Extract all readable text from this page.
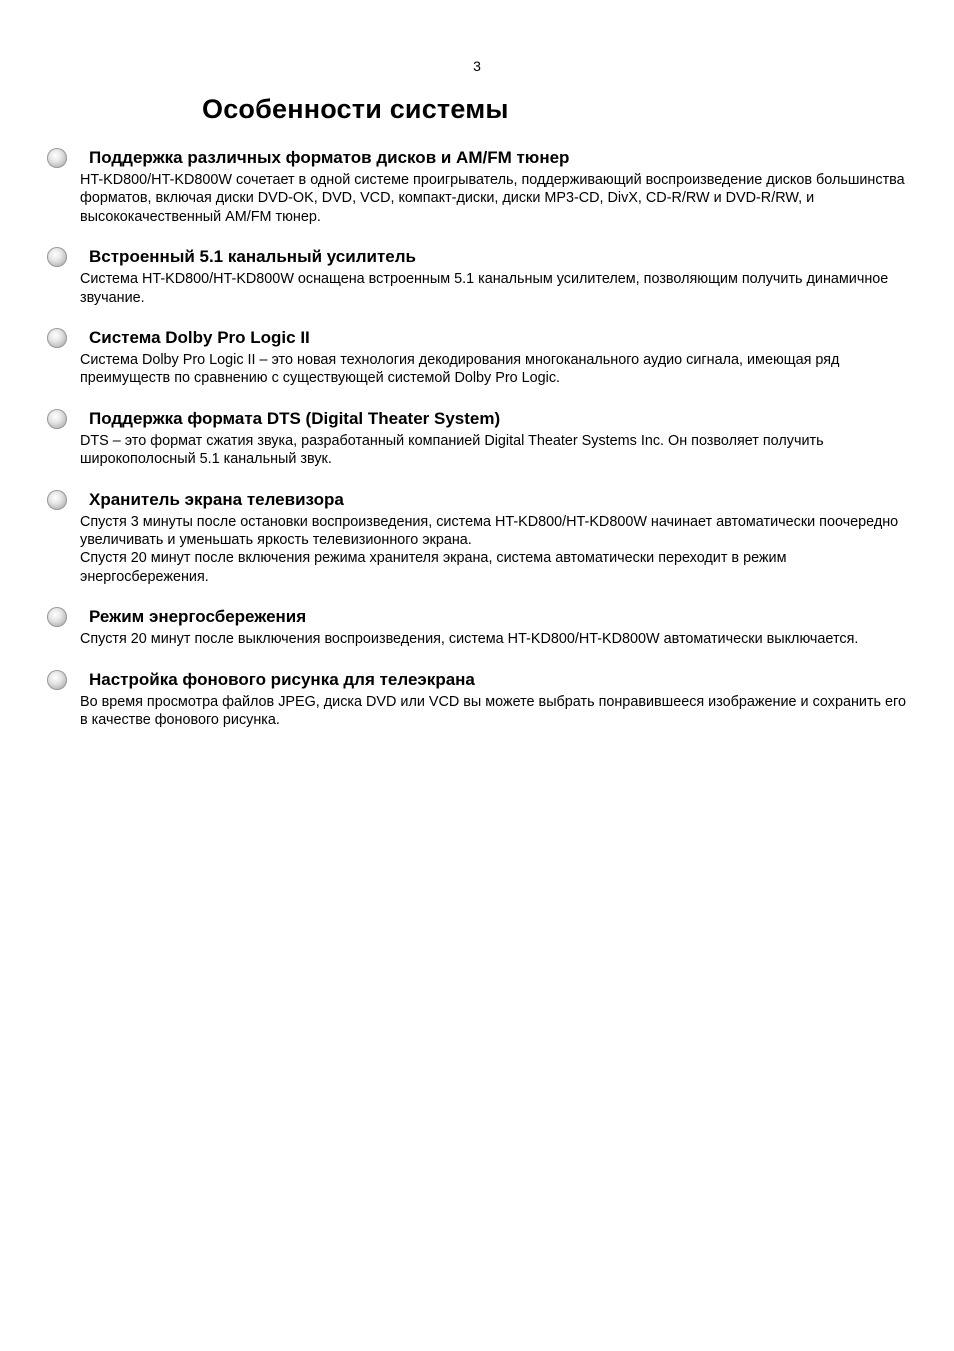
3
Особенности системы
Поддержка различных форматов дисков и AM/FM тюнер

HT-KD800/HT-KD800W сочетает в одной системе проигрыватель, поддерживающий воспроизведение дисков большинства форматов, включая диски DVD-OK, DVD, VCD, компакт-диски, диски MP3-CD, DivX, CD-R/RW и DVD-R/RW, и высококачественный AM/FM тюнер.

Встроенный 5.1 канальный усилитель

Система HT-KD800/HT-KD800W оснащена встроенным 5.1 канальным усилителем, позволяющим получить динамичное звучание.

Система Dolby Pro Logic II

Система Dolby Pro Logic II – это новая технология декодирования многоканального аудио сигнала, имеющая ряд преимуществ по сравнению с существующей системой Dolby Pro Logic.

Поддержка формата DTS (Digital Theater System)

DTS – это формат сжатия звука, разработанный компанией Digital Theater Systems Inc. Он позволяет получить широкополосный 5.1 канальный звук.

Хранитель экрана телевизора

Спустя 3 минуты после остановки воспроизведения, система HT-KD800/HT-KD800W начинает автоматически поочередно увеличивать и уменьшать яркость телевизионного экрана.
Спустя 20 минут после включения режима хранителя экрана, система автоматически переходит в режим энергосбережения.

Режим энергосбережения

Спустя 20 минут после выключения воспроизведения, система HT-KD800/HT-KD800W автоматически выключается.

Настройка фонового рисунка для телеэкрана

Во время просмотра файлов JPEG, диска DVD или VCD вы можете выбрать понравившееся изображение и сохранить его в качестве фонового рисунка.
